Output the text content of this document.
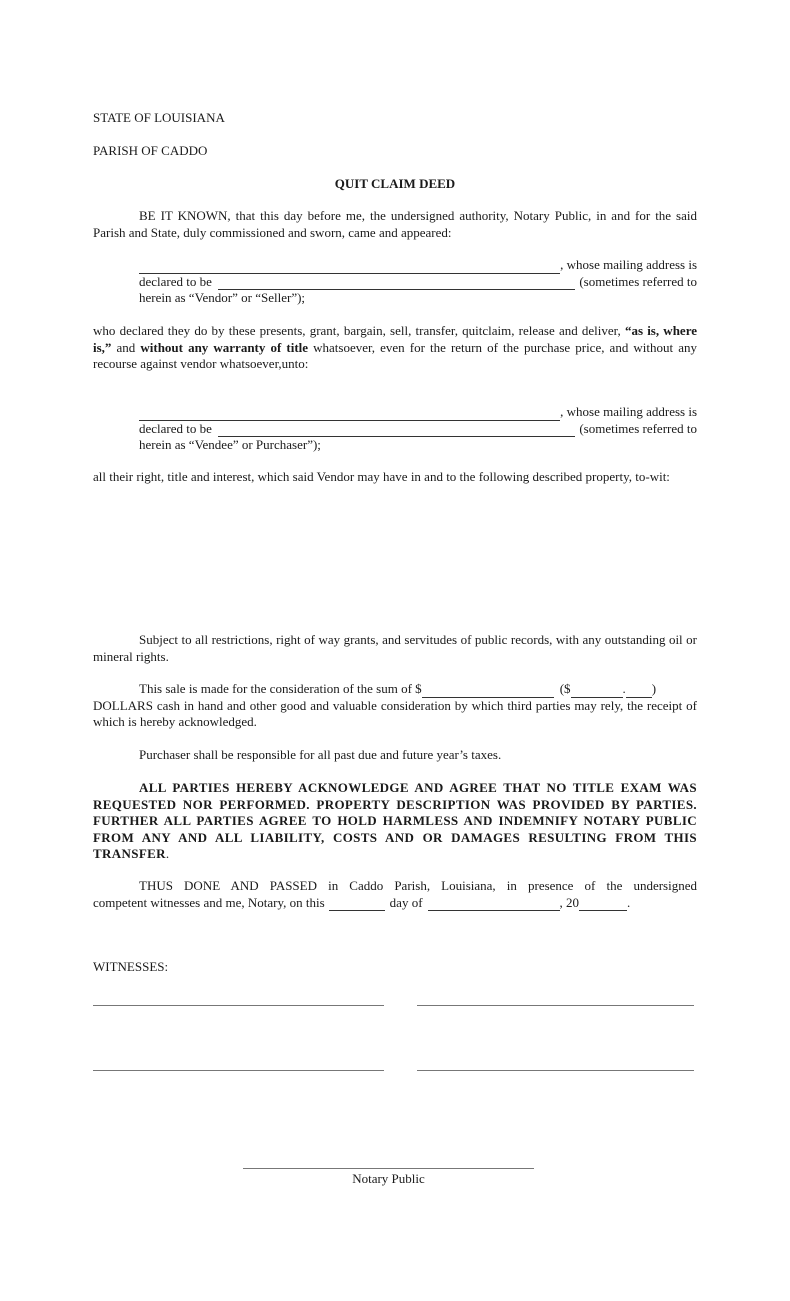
STATE OF LOUISIANA
PARISH OF CADDO
QUIT CLAIM DEED
BE IT KNOWN, that this day before me, the undersigned authority, Notary Public, in and for the said Parish and State, duly commissioned and sworn, came and appeared:
, whose mailing address is
declared to be	(sometimes referred to
herein as “Vendor” or “Seller”);
who declared they do by these presents, grant, bargain, sell, transfer, quitclaim, release and deliver, “as is, where is,” and without any warranty of title whatsoever, even for the return of the purchase price, and without any recourse against vendor whatsoever,unto:
, whose mailing address is
declared to be	(sometimes referred to
herein as “Vendee” or Purchaser”);
all their right, title and interest, which said Vendor may have in and to the following described property, to-wit:
Subject to all restrictions, right of way grants, and servitudes of public records, with any outstanding oil or mineral rights.
This sale is made for the consideration of the sum of $	($	. )
DOLLARS cash in hand and other good and valuable consideration by which third parties may rely, the receipt of which is hereby acknowledged.
Purchaser shall be responsible for all past due and future year’s taxes.
ALL PARTIES HEREBY ACKNOWLEDGE AND AGREE THAT NO TITLE EXAM WAS REQUESTED NOR PERFORMED. PROPERTY DESCRIPTION WAS PROVIDED BY PARTIES. FURTHER ALL PARTIES AGREE TO HOLD HARMLESS AND INDEMNIFY NOTARY PUBLIC FROM ANY AND ALL LIABILITY, COSTS AND OR DAMAGES RESULTING FROM THIS TRANSFER.
THUS DONE AND PASSED in Caddo Parish, Louisiana, in presence of the undersigned
competent witnesses and me, Notary, on this	day of	, 20	.
WITNESSES:
Notary Public
